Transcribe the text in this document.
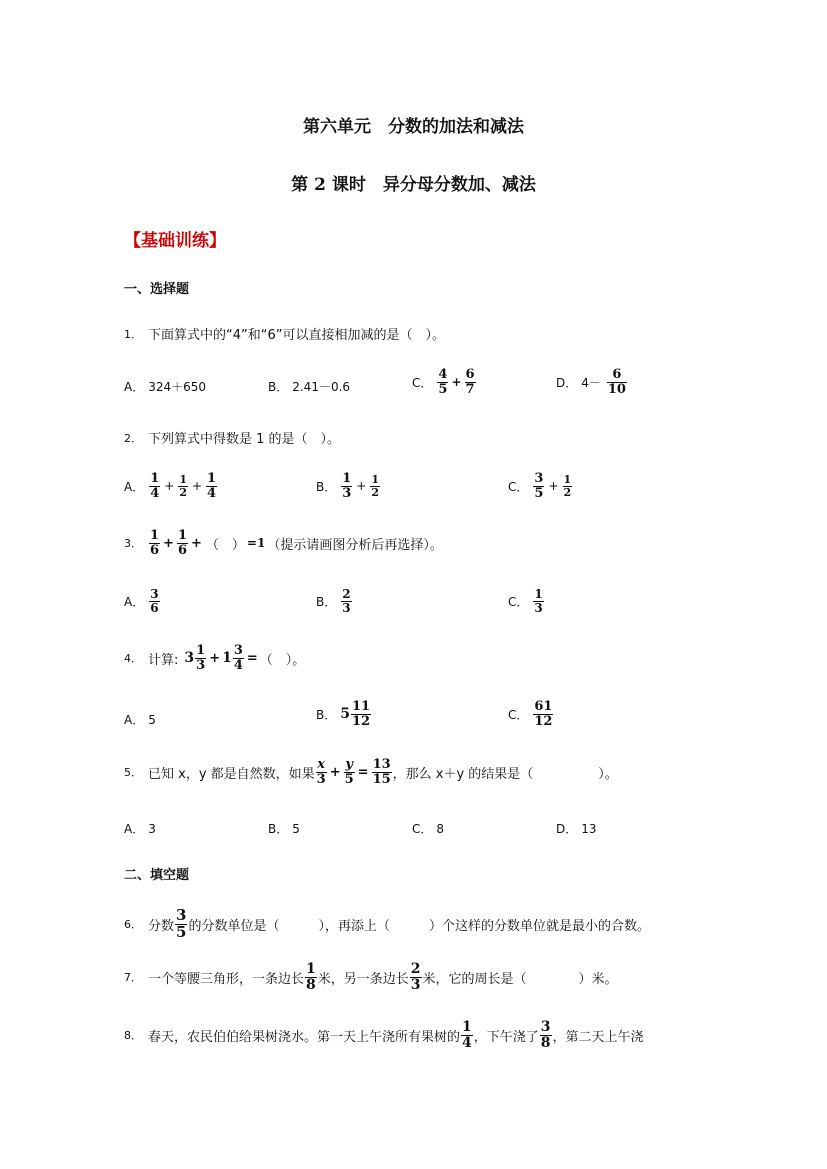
第六单元　分数的加法和减法
第 2 课时　异分母分数加、减法
【基础训练】
一、选择题
1． 下面算式中的“4”和“6”可以直接相加减的是（　）。
A． 324＋650	B． 2.41－0.6	C． $\frac{4}{5} + \frac{6}{7}$	D． $4- \frac{6}{10}$
2． 下列算式中得数是 1 的是（　）。
A． $\frac{1}{4} + \frac{1}{2} + \frac{1}{4}$	B． $\frac{1}{3} + \frac{1}{2}$	C． $\frac{3}{5} + \frac{1}{2}$
3． $\frac{1}{6} + \frac{1}{6}$ + （　） =1 （提示请画图分析后再选择）。
A． $\frac{3}{6}$	B． $\frac{2}{3}$	C． $\frac{1}{3}$
4． 计算: $3 \frac{1}{3} + 1 \frac{3}{4}$ = （　）。
A． 5	B． $5 \frac{11}{12}$	C． $\frac{61}{12}$
5． 已知 x，y 都是自然数，如果 $\frac{x}{3} + \frac{y}{5} = \frac{13}{15}$ ，那么 x＋y 的结果是（　　　　　）。
A． 3	B． 5	C． 8	D． 13
二、填空题
6． 分数 $\frac{3}{5}$ 的分数单位是（　　　），再添上（　　　）个这样的分数单位就是最小的合数。
7． 一个等腰三角形，一条边长 $\frac{1}{8}$ 米，另一条边长 $\frac{2}{3}$ 米，它的周长是（　　　　）米。
8． 春天，农民伯伯给果树浇水。第一天上午浇所有果树的 $\frac{1}{4}$ ，下午浇了 $\frac{3}{8}$ ，第二天上午浇
